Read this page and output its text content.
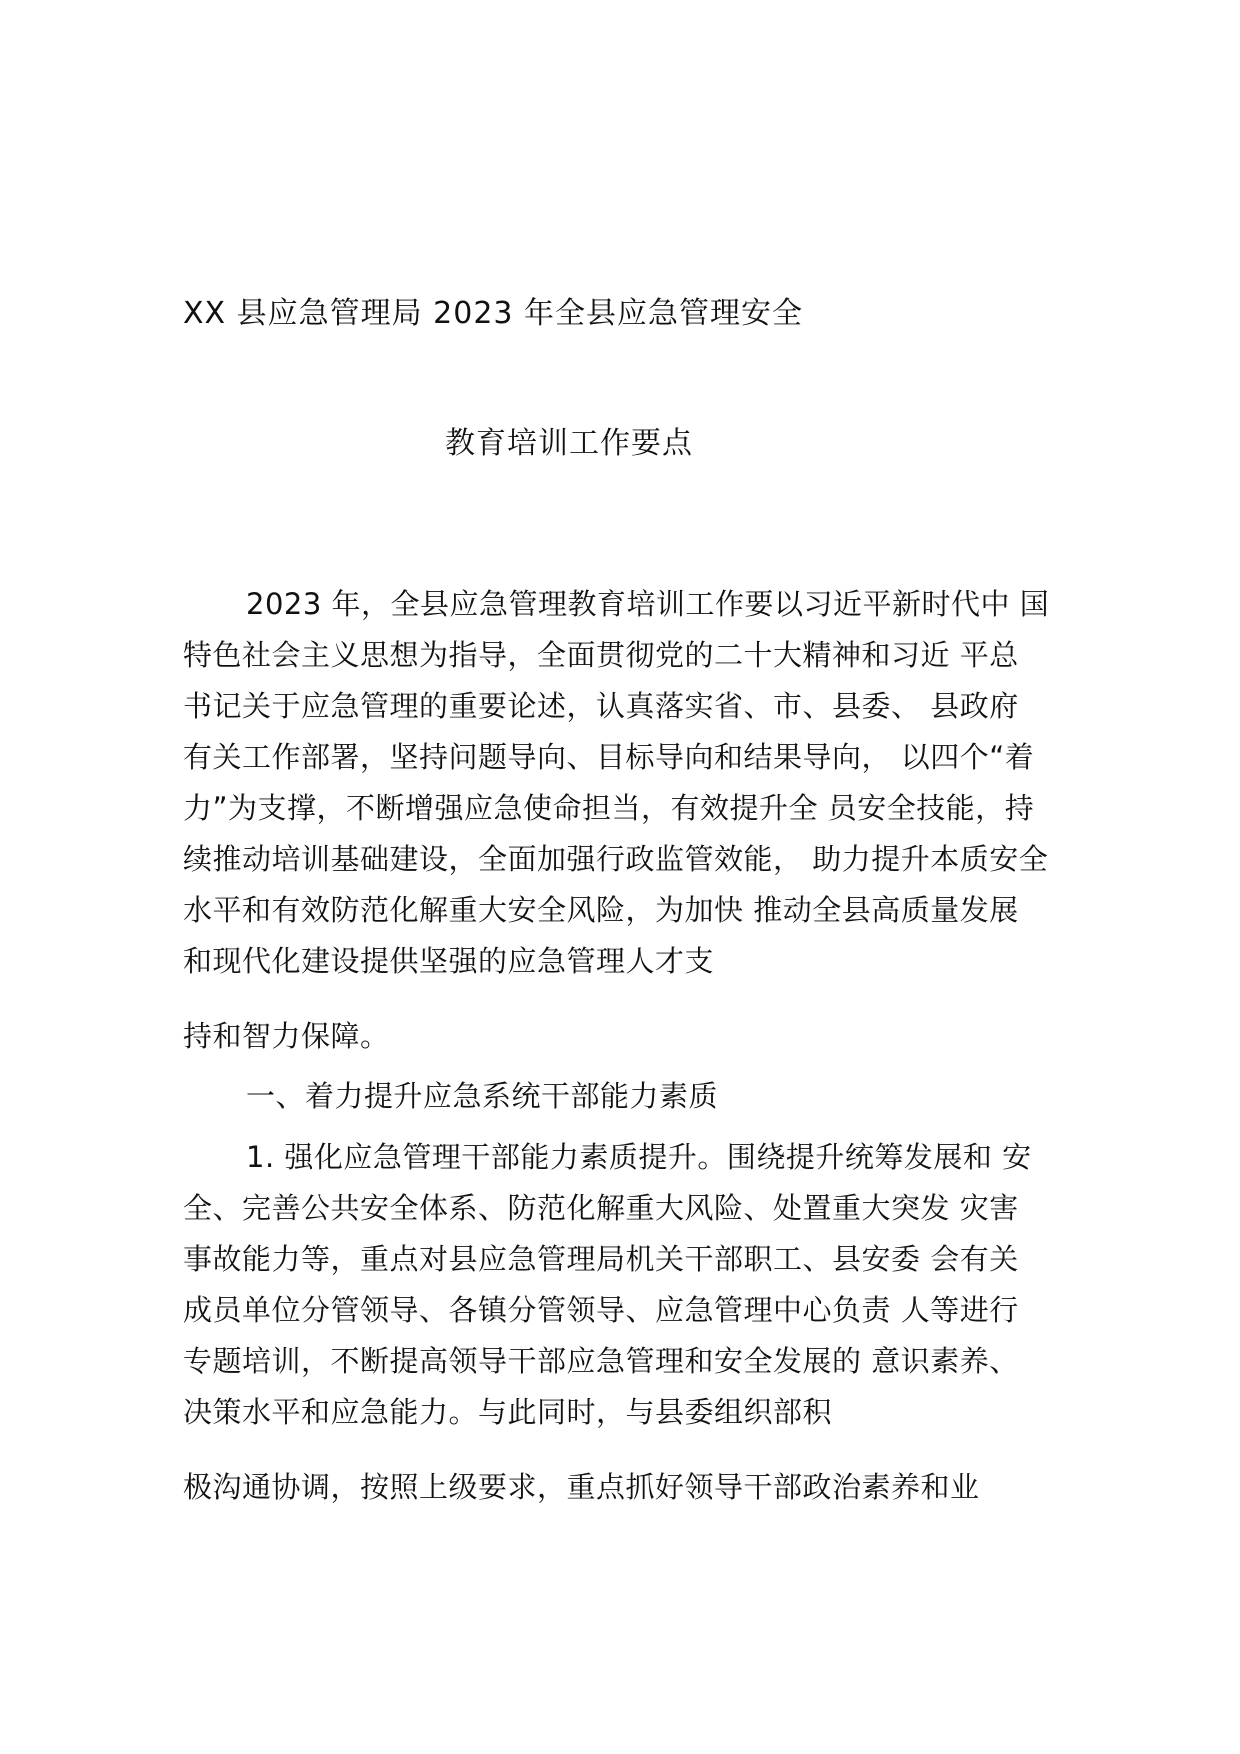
XX 县应急管理局 2023 年全县应急管理安全
教育培训工作要点
2023 年，全县应急管理教育培训工作要以习近平新时代中 国
特色社会主义思想为指导，全面贯彻党的二十大精神和习近 平总
书记关于应急管理的重要论述，认真落实省、市、县委、 县政府
有关工作部署，坚持问题导向、目标导向和结果导向， 以四个“着
力”为支撑，不断增强应急使命担当，有效提升全 员安全技能，持
续推动培训基础建设，全面加强行政监管效能， 助力提升本质安全
水平和有效防范化解重大安全风险，为加快 推动全县高质量发展
和现代化建设提供坚强的应急管理人才支
持和智力保障。
一、着力提升应急系统干部能力素质
1. 强化应急管理干部能力素质提升。围绕提升统筹发展和 安
全、完善公共安全体系、防范化解重大风险、处置重大突发 灾害
事故能力等，重点对县应急管理局机关干部职工、县安委 会有关
成员单位分管领导、各镇分管领导、应急管理中心负责 人等进行
专题培训，不断提高领导干部应急管理和安全发展的 意识素养、
决策水平和应急能力。与此同时，与县委组织部积
极沟通协调，按照上级要求，重点抓好领导干部政治素养和业
